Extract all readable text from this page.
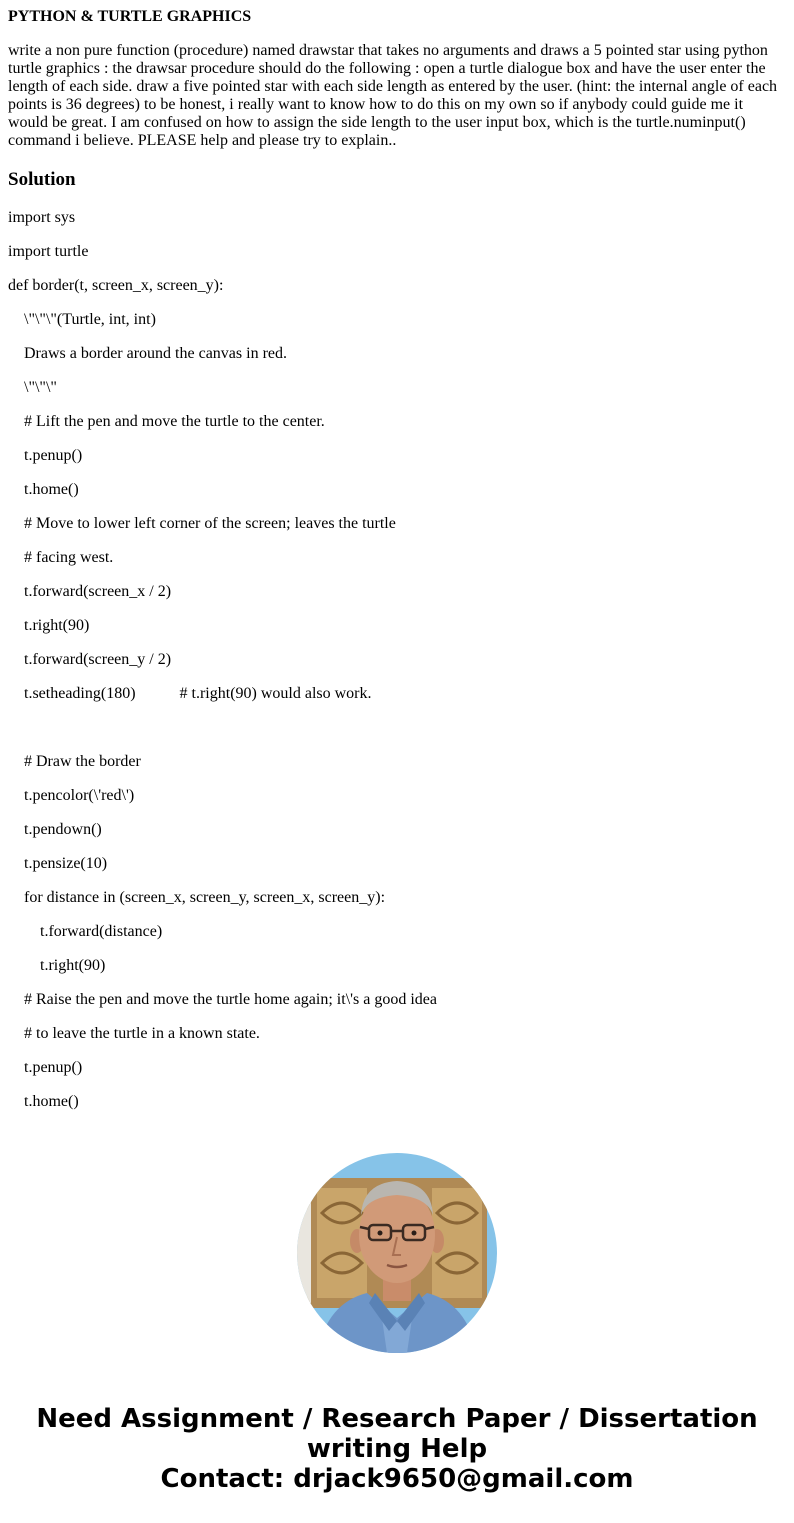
PYTHON & TURTLE GRAPHICS

write a non pure function (procedure) named drawstar that takes no arguments and draws a 5 pointed star using python turtle graphics : the drawsar procedure should do the following : open a turtle dialogue box and have the user enter the length of each side. draw a five pointed star with each side length as entered by the user. (hint: the internal angle of each points is 36 degrees) to be honest, i really want to know how to do this on my own so if anybody could guide me it would be great. I am confused on how to assign the side length to the user input box, which is the turtle.numinput() command i believe. PLEASE help and please try to explain..

Solution

import sys

import turtle

def border(t, screen_x, screen_y):

\"\"\"(Turtle, int, int)

Draws a border around the canvas in red.

\"\"\"

# Lift the pen and move the turtle to the center.

t.penup()

t.home()

# Move to lower left corner of the screen; leaves the turtle

# facing west.

t.forward(screen_x / 2)

t.right(90)

t.forward(screen_y / 2)

t.setheading(180)           # t.right(90) would also work.

# Draw the border

t.pencolor(\'red\')

t.pendown()

t.pensize(10)

for distance in (screen_x, screen_y, screen_x, screen_y):

t.forward(distance)

t.right(90)

# Raise the pen and move the turtle home again; it\'s a good idea

# to leave the turtle in a known state.

t.penup()

t.home()

Need Assignment / Research Paper / Dissertation
writing Help
Contact: drjack9650@gmail.com
